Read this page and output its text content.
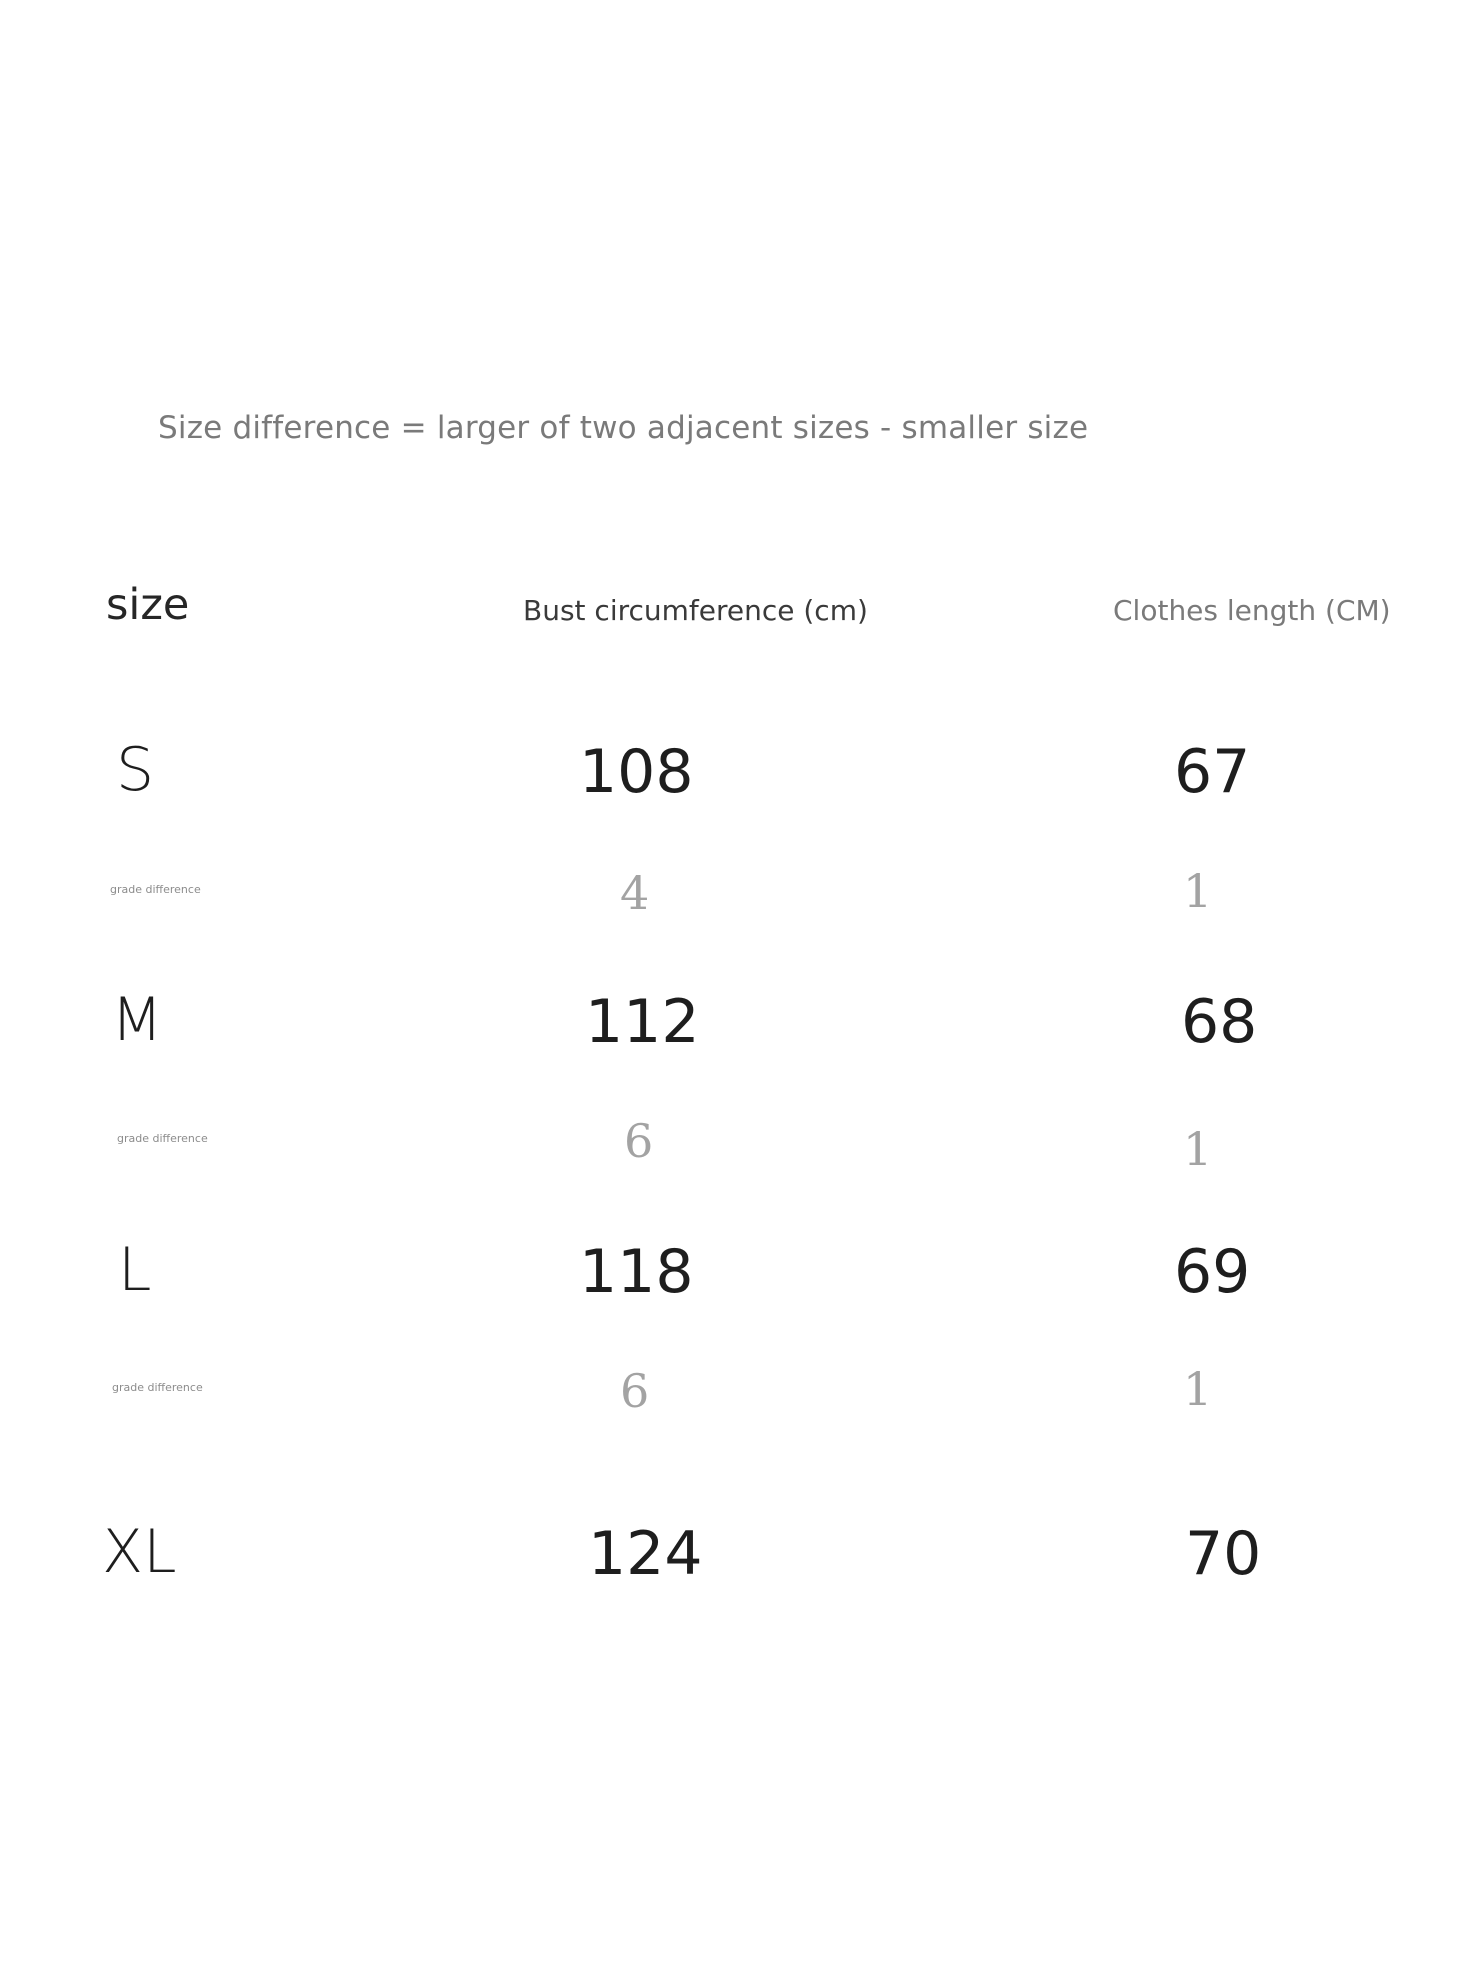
Size difference = larger of two adjacent sizes - smaller size
size	Bust circumference (cm)	Clothes length (CM)
S	108	67
grade difference	4	1
M	112	68
grade difference	6	1
L	118	69
grade difference	6	1
XL	124	70
